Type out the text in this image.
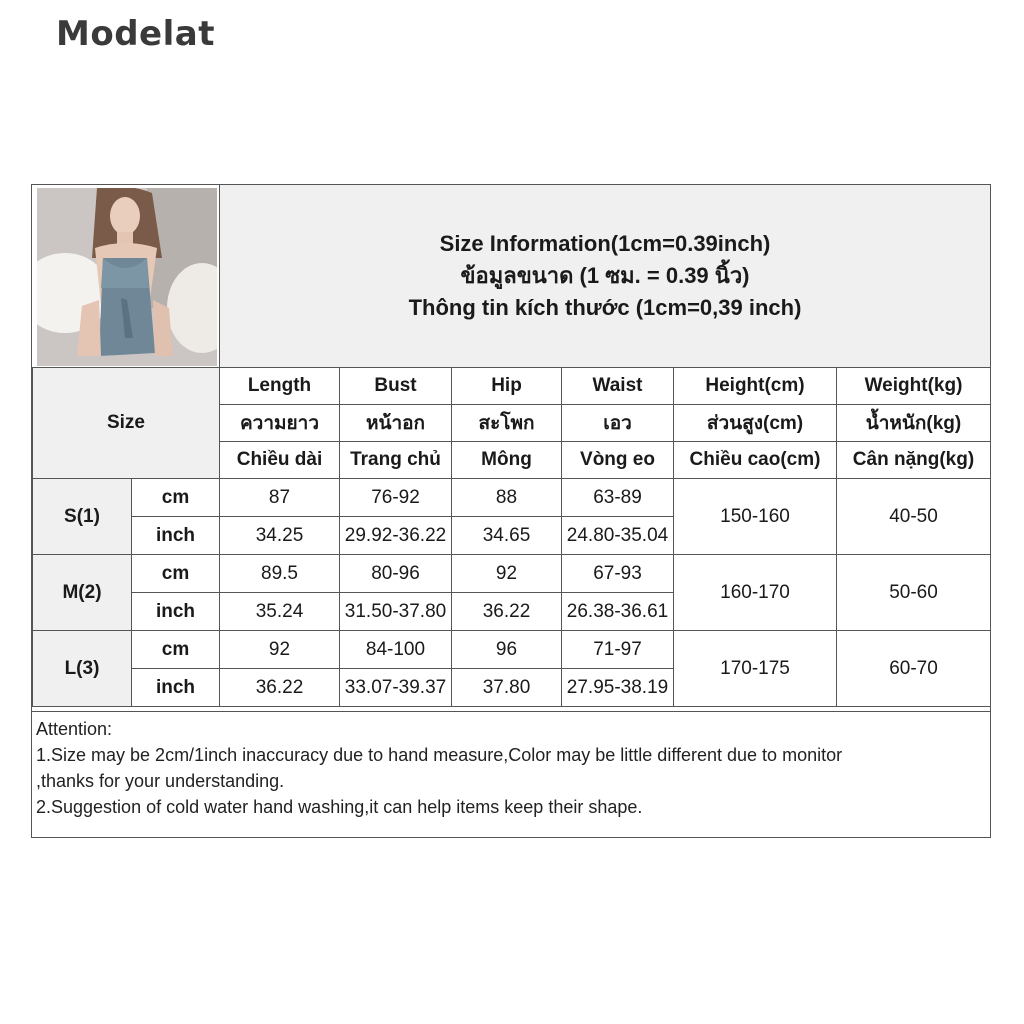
Modelat
Size Information(1cm=0.39inch)
ข้อมูลขนาด (1 ซม. = 0.39 นิ้ว)
Thông tin kích thước (1cm=0,39 inch)
Size		Length	Bust	Hip	Waist	Height(cm)	Weight(kg)
		ความยาว	หน้าอก	สะโพก	เอว	ส่วนสูง(cm)	น้ำหนัก(kg)
		Chiều dài	Trang chủ	Mông	Vòng eo	Chiều cao(cm)	Cân nặng(kg)
S(1)	cm	87	76-92	88	63-89	150-160	40-50
	inch	34.25	29.92-36.22	34.65	24.80-35.04		
M(2)	cm	89.5	80-96	92	67-93	160-170	50-60
	inch	35.24	31.50-37.80	36.22	26.38-36.61		
L(3)	cm	92	84-100	96	71-97	170-175	60-70
	inch	36.22	33.07-39.37	37.80	27.95-38.19		
Attention:
1.Size may be 2cm/1inch inaccuracy due to hand measure,Color may be little different due to monitor
,thanks for your understanding.
2.Suggestion of cold water hand washing,it can help items keep their shape.
